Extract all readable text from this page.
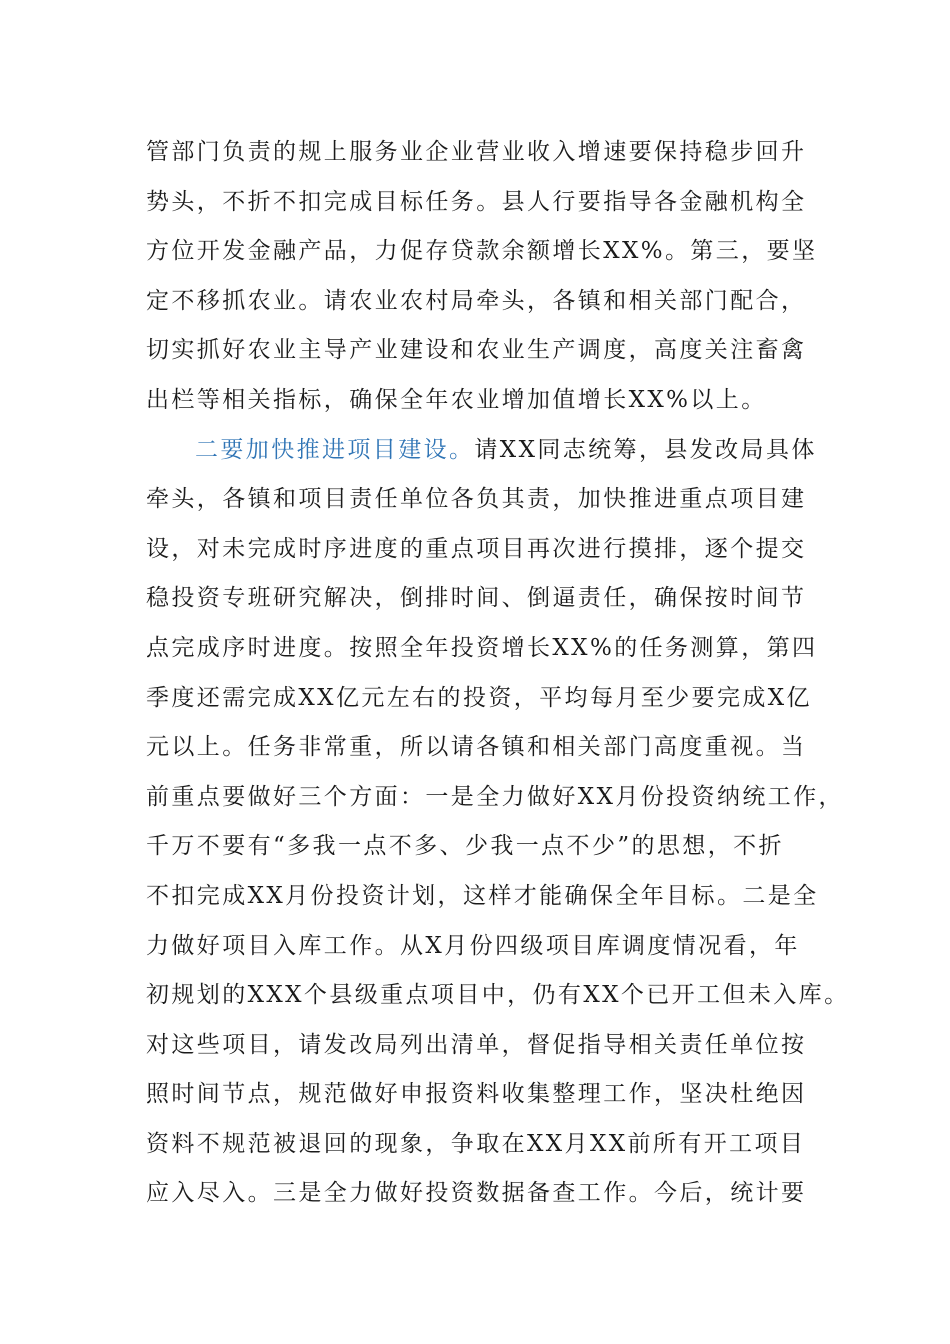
管部门负责的规上服务业企业营业收入增速要保持稳步回升
势头，不折不扣完成目标任务。县人行要指导各金融机构全
方位开发金融产品，力促存贷款余额增长XX%。第三，要坚
定不移抓农业。请农业农村局牵头，各镇和相关部门配合，
切实抓好农业主导产业建设和农业生产调度，高度关注畜禽
出栏等相关指标，确保全年农业增加值增长XX%以上。
二要加快推进项目建设。请XX同志统筹，县发改局具体
牵头，各镇和项目责任单位各负其责，加快推进重点项目建
设，对未完成时序进度的重点项目再次进行摸排，逐个提交
稳投资专班研究解决，倒排时间、倒逼责任，确保按时间节
点完成序时进度。按照全年投资增长XX%的任务测算，第四
季度还需完成XX亿元左右的投资，平均每月至少要完成X亿
元以上。任务非常重，所以请各镇和相关部门高度重视。当
前重点要做好三个方面：一是全力做好XX月份投资纳统工作，
千万不要有“多我一点不多、少我一点不少”的思想，不折
不扣完成XX月份投资计划，这样才能确保全年目标。二是全
力做好项目入库工作。从X月份四级项目库调度情况看，年
初规划的XXX个县级重点项目中，仍有XX个已开工但未入库。
对这些项目，请发改局列出清单，督促指导相关责任单位按
照时间节点，规范做好申报资料收集整理工作，坚决杜绝因
资料不规范被退回的现象，争取在XX月XX前所有开工项目
应入尽入。三是全力做好投资数据备查工作。今后，统计要
